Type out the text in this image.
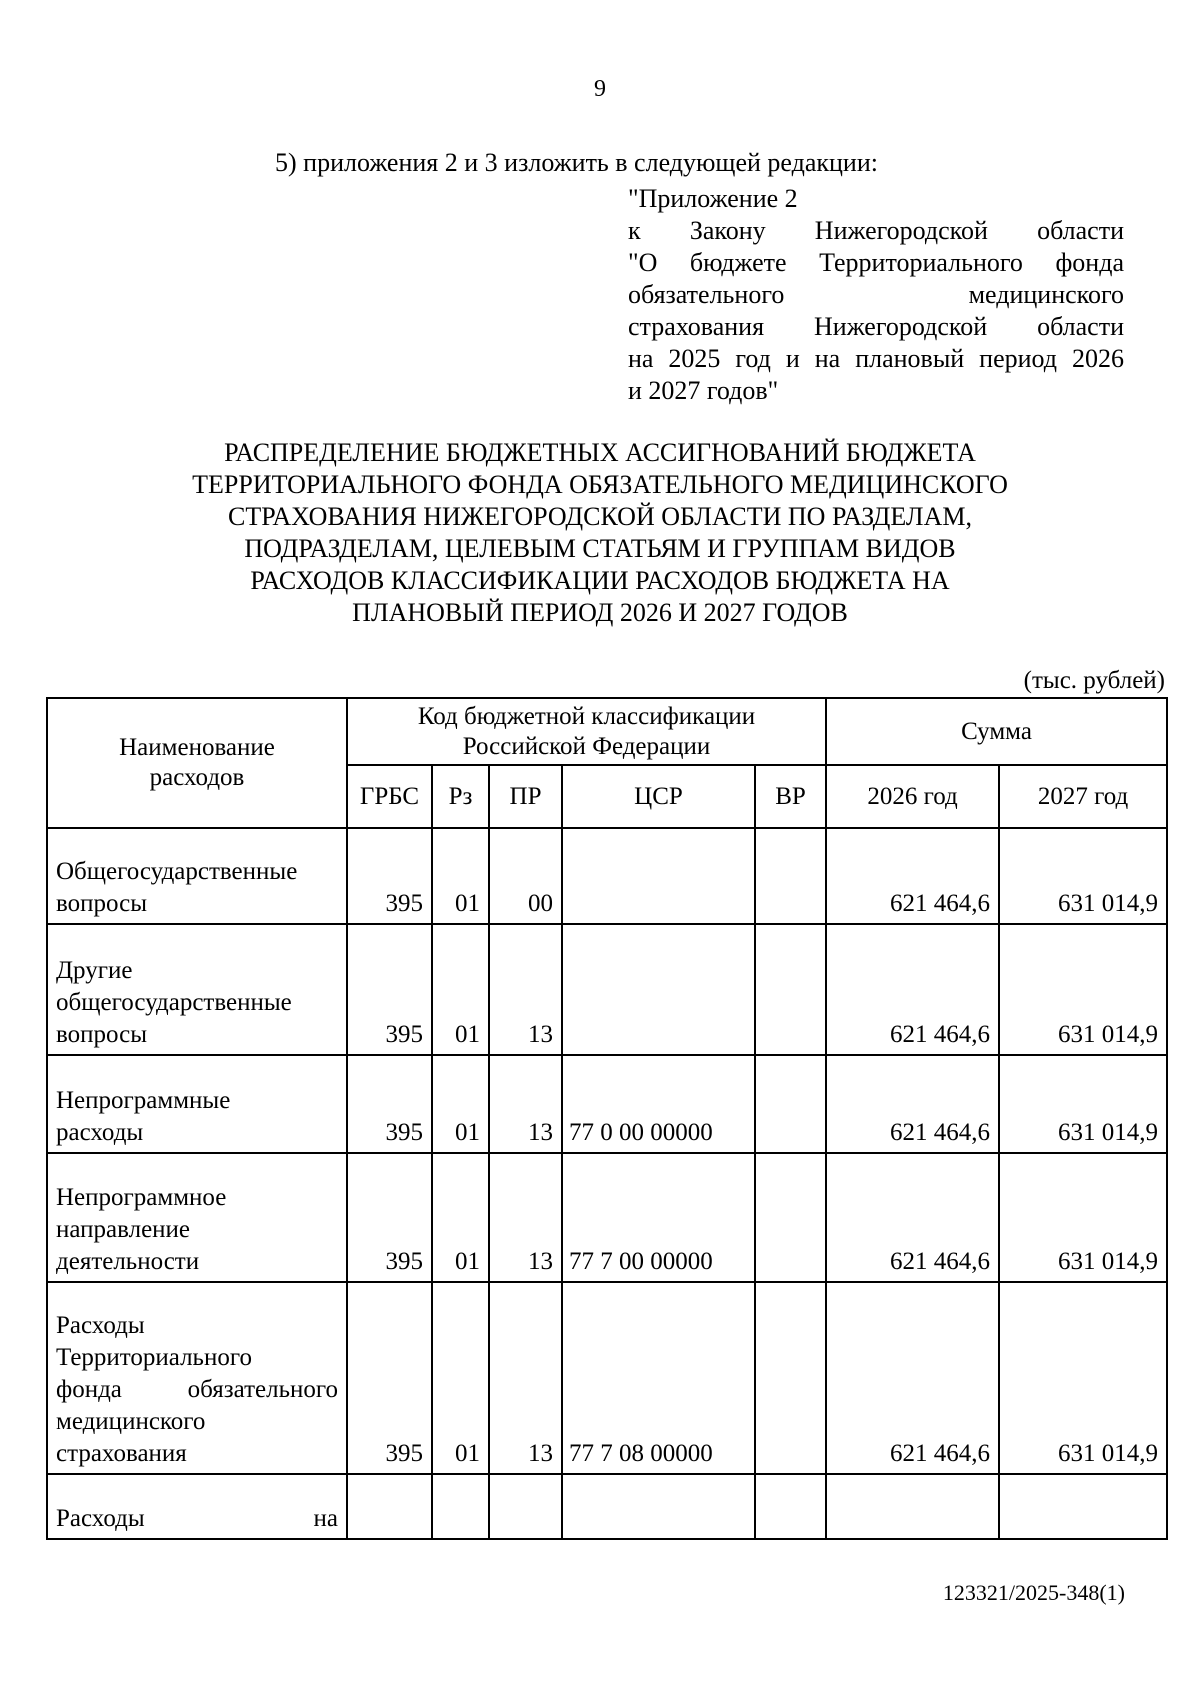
9
5) приложения 2 и 3 изложить в следующей редакции:
"Приложение 2
к Закону Нижегородской области
"О бюджете Территориального фонда
обязательного медицинского
страхования Нижегородской области
на 2025 год и на плановый период 2026
и 2027 годов"
РАСПРЕДЕЛЕНИЕ БЮДЖЕТНЫХ АССИГНОВАНИЙ БЮДЖЕТА
ТЕРРИТОРИАЛЬНОГО ФОНДА ОБЯЗАТЕЛЬНОГО МЕДИЦИНСКОГО
СТРАХОВАНИЯ НИЖЕГОРОДСКОЙ ОБЛАСТИ ПО РАЗДЕЛАМ,
ПОДРАЗДЕЛАМ, ЦЕЛЕВЫМ СТАТЬЯМ И ГРУППАМ ВИДОВ
РАСХОДОВ КЛАССИФИКАЦИИ РАСХОДОВ БЮДЖЕТА НА
ПЛАНОВЫЙ ПЕРИОД 2026 И 2027 ГОДОВ
(тыс. рублей)
Наименование расходов	Код бюджетной классификации Российской Федерации					Сумма	
	ГРБС	Рз	ПР	ЦСР	ВР	2026 год	2027 год

Общегосударственные
вопросы	395	01	00			621 464,6	631 014,9

Другие
общегосударственные
вопросы	395	01	13			621 464,6	631 014,9

Непрограммные
расходы	395	01	13	77 0 00 00000		621 464,6	631 014,9

Непрограммное
направление
деятельности	395	01	13	77 7 00 00000		621 464,6	631 014,9

Расходы
Территориального
фонда обязательного
медицинского
страхования	395	01	13	77 7 08 00000		621 464,6	631 014,9

Расходы на							

123321/2025-348(1)
